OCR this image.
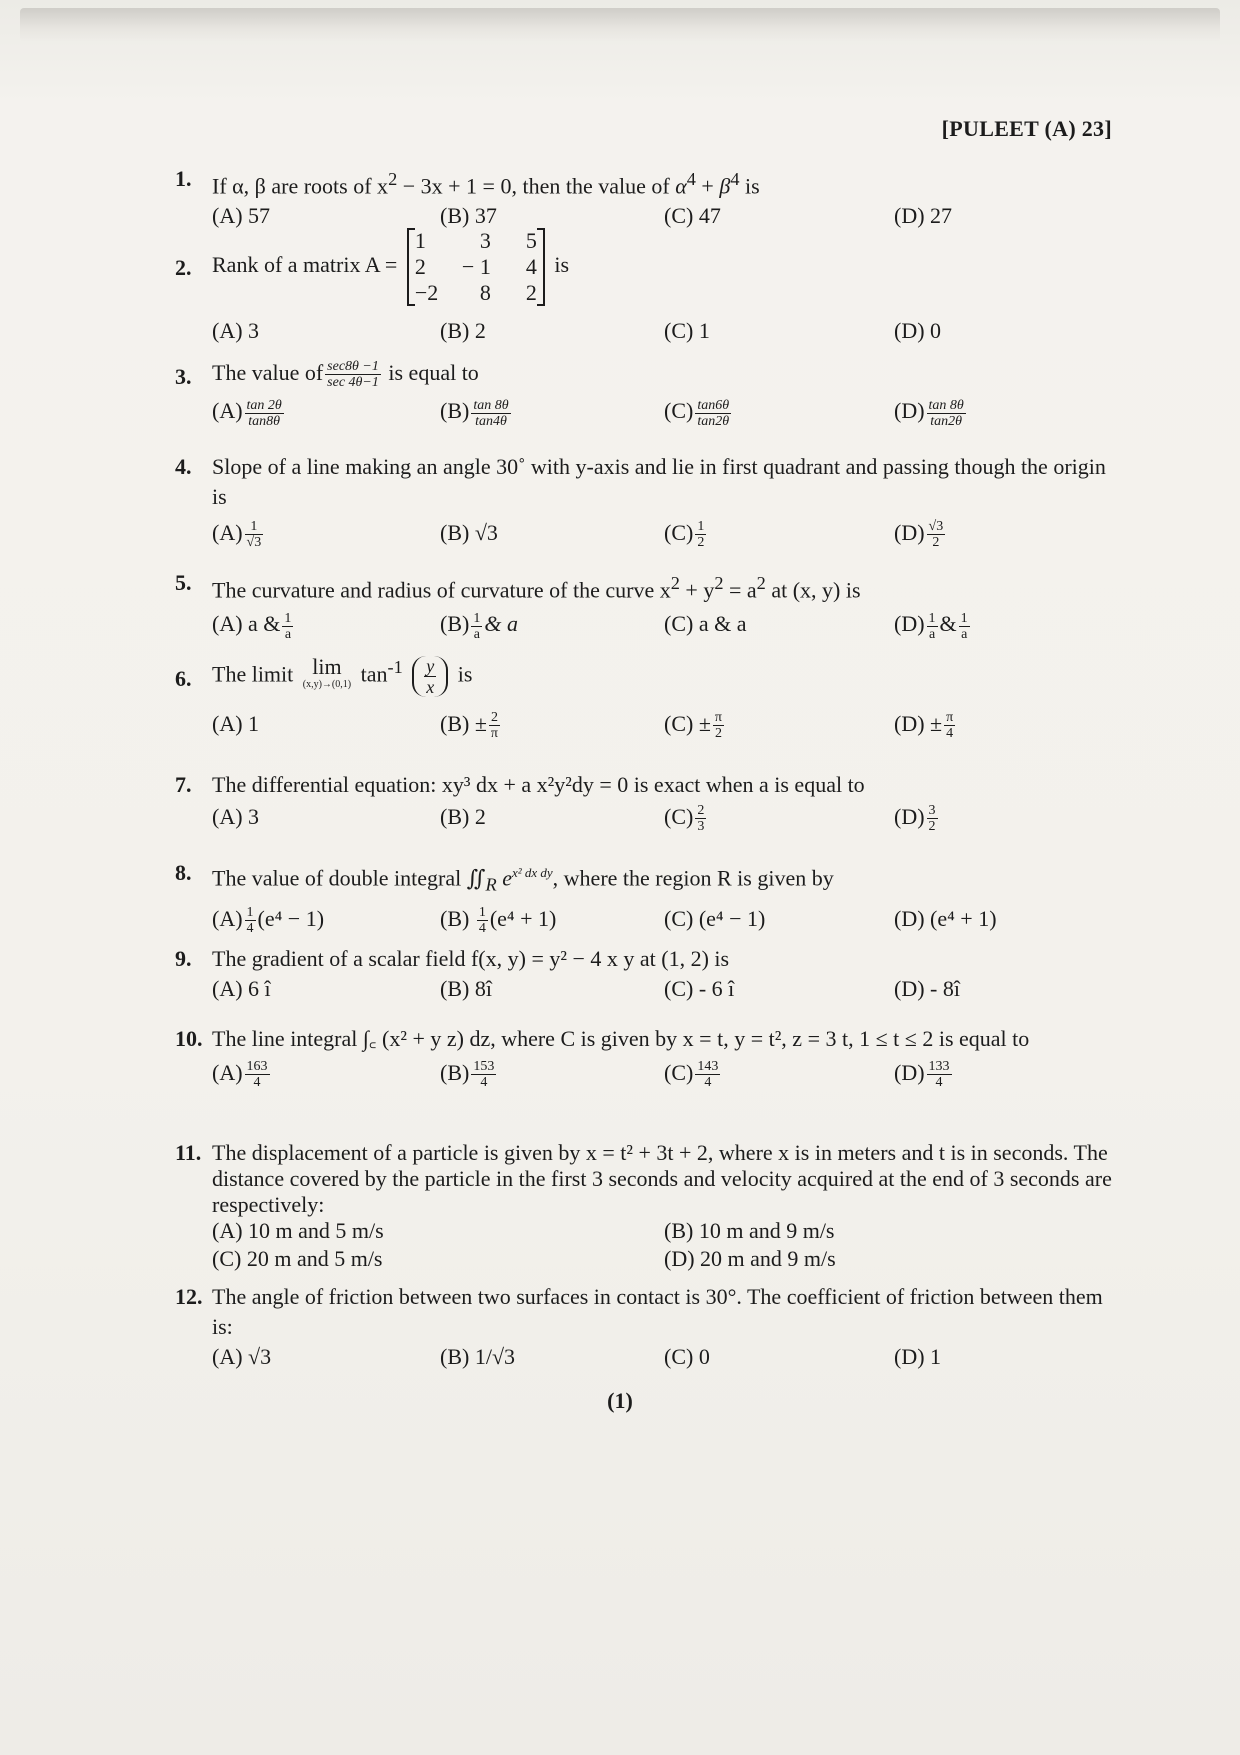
[PULEET (A) 23]
1. If α, β are roots of $x^2 - 3x + 1 = 0$, then the value of $\alpha^4 + \beta^4$ is
(A) 57	(B) 37	(C) 47	(D) 27
2. Rank of a matrix A =
1	3	5
2	− 1	4
−2	8	2
is
(A) 3	(B) 2	(C) 1	(D) 0
3. The value of $\frac{\sec 8\theta -1}{\sec 4\theta-1}$ is equal to
$(A) \frac{\tan 2\theta}{\tan 8\theta}$	$(B) \frac{\tan 8\theta}{\tan 4\theta}$	$(C) \frac{\tan 6\theta}{\tan 2\theta}$	$(D) \frac{\tan 8\theta}{\tan 2\theta}$
4. Slope of a line making an angle 30˚ with y-axis and lie in first quadrant and passing though the origin is
$(A) \frac{1}{√3}$	(B) √3	$(C) \frac{1}{2}$	$(D) \frac{√3}{2}$
5. The curvature and radius of curvature of the curve $x^2 + y^2 = a^2$ at (x, y) is
(A) a & $\frac{1}{a}$	$(B) \frac{1}{a}$ & a	(C) a & a	$(D) \frac{1}{a}$ & $\frac{1}{a}$
6. The limit lim
(x,y)→(0,1) $\tan^{-1} \frac{y}{x}$ is
(A) 1	$(B) \pm \frac{2}{\pi}$	$(C) \pm \frac{\pi}{2}$	$(D) \pm \frac{\pi}{4}$
7. The differential equation: xy³ dx + a x²y²dy = 0 is exact when a is equal to
(A) 3	(B) 2	$(C) \frac{2}{3}$	$(D) \frac{3}{2}$
8. The value of double integral $∬_R$ $e^{x^2 dx dy}$, where the region R is given by
$(A) \frac{1}{4} (e^4 - 1)$	$(B) \frac{1}{4} (e^4 + 1)$	(C) (e⁴ − 1)	(D) (e⁴ + 1)
9. The gradient of a scalar field f(x, y) = y² − 4 x y at (1, 2) is
(A) 6 î	(B) 8î	(C) - 6 î	(D) - 8î
10. The line integral ∫꜀ (x² + y z) dz, where C is given by x = t, y = t², z = 3 t, 1 ≤ t ≤ 2 is equal to
$(A) \frac{163}{4}$	$(B) \frac{153}{4}$	$(C) \frac{143}{4}$	$(D) \frac{133}{4}$
11. The displacement of a particle is given by x = t² + 3t + 2, where x is in meters and t is in seconds. The distance covered by the particle in the first 3 seconds and velocity acquired at the end of 3 seconds are respectively:
(A) 10 m and 5 m/s	(B) 10 m and 9 m/s
(C) 20 m and 5 m/s	(D) 20 m and 9 m/s
12. The angle of friction between two surfaces in contact is 30°. The coefficient of friction between them is:
(A) √3	(B) 1/√3	(C) 0	(D) 1
(1)
